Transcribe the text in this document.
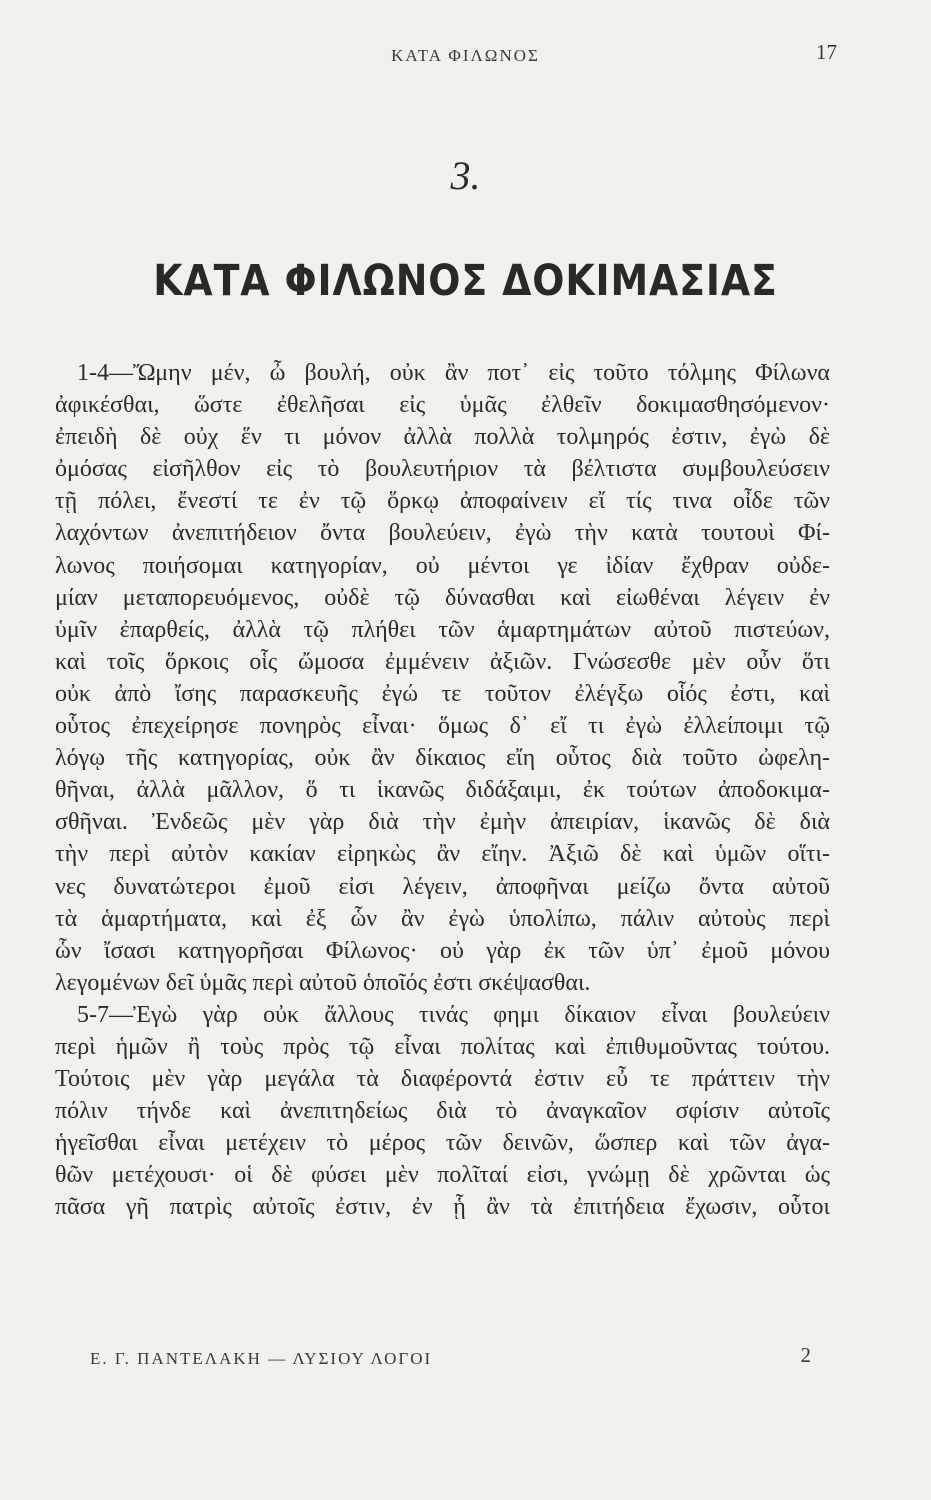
ΚΑΤΑ ΦΙΛΩΝΟΣ	17
3.
ΚΑΤΑ ΦΙΛΩΝΟΣ ΔΟΚΙΜΑΣΙΑΣ
1-4—Ὤμην μέν, ὦ βουλή, οὐκ ἂν ποτ᾽ εἰς τοῦτο τόλμης Φίλωνα
ἀφικέσθαι, ὥστε ἐθελῆσαι εἰς ὑμᾶς ἐλθεῖν δοκιμασθησόμενον·
ἐπειδὴ δὲ οὐχ ἕν τι μόνον ἀλλὰ πολλὰ τολμηρός ἐστιν, ἐγὼ δὲ
ὀμόσας εἰσῆλθον εἰς τὸ βουλευτήριον τὰ βέλτιστα συμβουλεύσειν
τῇ πόλει, ἔνεστί τε ἐν τῷ ὅρκῳ ἀποφαίνειν εἴ τίς τινα οἶδε τῶν
λαχόντων ἀνεπιτήδειον ὄντα βουλεύειν, ἐγὼ τὴν κατὰ τουτουὶ Φί-
λωνος ποιήσομαι κατηγορίαν, οὐ μέντοι γε ἰδίαν ἔχθραν οὐδε-
μίαν μεταπορευόμενος, οὐδὲ τῷ δύνασθαι καὶ εἰωθέναι λέγειν ἐν
ὑμῖν ἐπαρθείς, ἀλλὰ τῷ πλήθει τῶν ἁμαρτημάτων αὐτοῦ πιστεύων,
καὶ τοῖς ὅρκοις οἷς ὤμοσα ἐμμένειν ἀξιῶν. Γνώσεσθε μὲν οὖν ὅτι
οὐκ ἀπὸ ἴσης παρασκευῆς ἐγώ τε τοῦτον ἐλέγξω οἷός ἐστι, καὶ
οὗτος ἐπεχείρησε πονηρὸς εἶναι· ὅμως δ᾽ εἴ τι ἐγὼ ἐλλείποιμι τῷ
λόγῳ τῆς κατηγορίας, οὐκ ἂν δίκαιος εἴη οὗτος διὰ τοῦτο ὠφελη-
θῆναι, ἀλλὰ μᾶλλον, ὅ τι ἱκανῶς διδάξαιμι, ἐκ τούτων ἀποδοκιμα-
σθῆναι. Ἐνδεῶς μὲν γὰρ διὰ τὴν ἐμὴν ἀπειρίαν, ἱκανῶς δὲ διὰ
τὴν περὶ αὐτὸν κακίαν εἰρηκὼς ἂν εἴην. Ἀξιῶ δὲ καὶ ὑμῶν οἵτι-
νες δυνατώτεροι ἐμοῦ εἰσι λέγειν, ἀποφῆναι μείζω ὄντα αὐτοῦ
τὰ ἁμαρτήματα, καὶ ἐξ ὧν ἂν ἐγὼ ὑπολίπω, πάλιν αὐτοὺς περὶ
ὧν ἴσασι κατηγορῆσαι Φίλωνος· οὐ γὰρ ἐκ τῶν ὑπ᾽ ἐμοῦ μόνου
λεγομένων δεῖ ὑμᾶς περὶ αὐτοῦ ὁποῖός ἐστι σκέψασθαι.
5-7—Ἐγὼ γὰρ οὐκ ἄλλους τινάς φημι δίκαιον εἶναι βουλεύειν
περὶ ἡμῶν ἢ τοὺς πρὸς τῷ εἶναι πολίτας καὶ ἐπιθυμοῦντας τούτου.
Τούτοις μὲν γὰρ μεγάλα τὰ διαφέροντά ἐστιν εὖ τε πράττειν τὴν
πόλιν τήνδε καὶ ἀνεπιτηδείως διὰ τὸ ἀναγκαῖον σφίσιν αὐτοῖς
ἡγεῖσθαι εἶναι μετέχειν τὸ μέρος τῶν δεινῶν, ὥσπερ καὶ τῶν ἀγα-
θῶν μετέχουσι· οἱ δὲ φύσει μὲν πολῖταί εἰσι, γνώμῃ δὲ χρῶνται ὡς
πᾶσα γῆ πατρὶς αὐτοῖς ἐστιν, ἐν ᾗ ἂν τὰ ἐπιτήδεια ἔχωσιν, οὗτοι
Ε. Γ. ΠΑΝΤΕΛΑΚΗ — ΛΥΣΙΟΥ ΛΟΓΟΙ	2
